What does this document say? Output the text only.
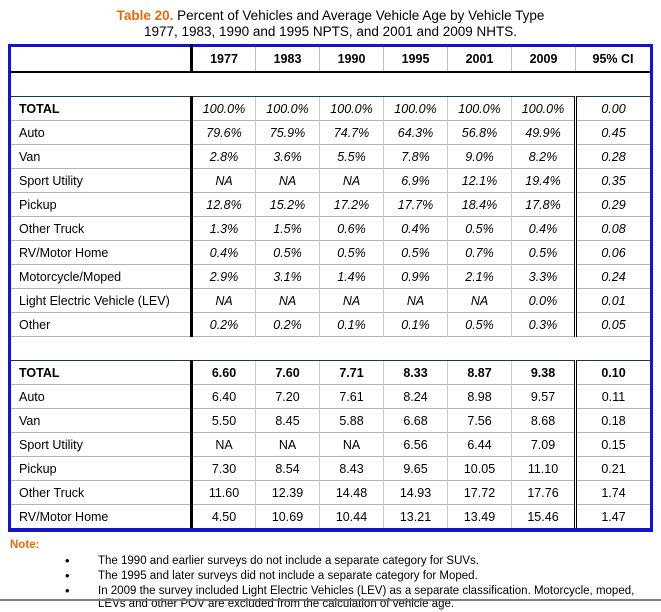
Table 20. Percent of Vehicles and Average Vehicle Age by Vehicle Type
1977, 1983, 1990 and 1995 NPTS, and 2001 and 2009 NHTS.
	1977	1983	1990	1995	2001	2009	95% CI
Distribution of Vehicles							
TOTAL	100.0%	100.0%	100.0%	100.0%	100.0%	100.0%	0.00
Auto	79.6%	75.9%	74.7%	64.3%	56.8%	49.9%	0.45
Van	2.8%	3.6%	5.5%	7.8%	9.0%	8.2%	0.28
Sport Utility	NA	NA	NA	6.9%	12.1%	19.4%	0.35
Pickup	12.8%	15.2%	17.2%	17.7%	18.4%	17.8%	0.29
Other Truck	1.3%	1.5%	0.6%	0.4%	0.5%	0.4%	0.08
RV/Motor Home	0.4%	0.5%	0.5%	0.5%	0.7%	0.5%	0.06
Motorcycle/Moped	2.9%	3.1%	1.4%	0.9%	2.1%	3.3%	0.24
Light Electric Vehicle (LEV)	NA	NA	NA	NA	NA	0.0%	0.01
Other	0.2%	0.2%	0.1%	0.1%	0.5%	0.3%	0.05
Average Vehicle Age							
TOTAL	6.60	7.60	7.71	8.33	8.87	9.38	0.10
Auto	6.40	7.20	7.61	8.24	8.98	9.57	0.11
Van	5.50	8.45	5.88	6.68	7.56	8.68	0.18
Sport Utility	NA	NA	NA	6.56	6.44	7.09	0.15
Pickup	7.30	8.54	8.43	9.65	10.05	11.10	0.21
Other Truck	11.60	12.39	14.48	14.93	17.72	17.76	1.74
RV/Motor Home	4.50	10.69	10.44	13.21	13.49	15.46	1.47
Note:
• The 1990 and earlier surveys do not include a separate category for SUVs.
• The 1995 and later surveys did not include a separate category for Moped.
• In 2009 the survey included Light Electric Vehicles (LEV) as a separate classification. Motorcycle, moped, LEVs and other POV are excluded from the calculation of vehicle age.
